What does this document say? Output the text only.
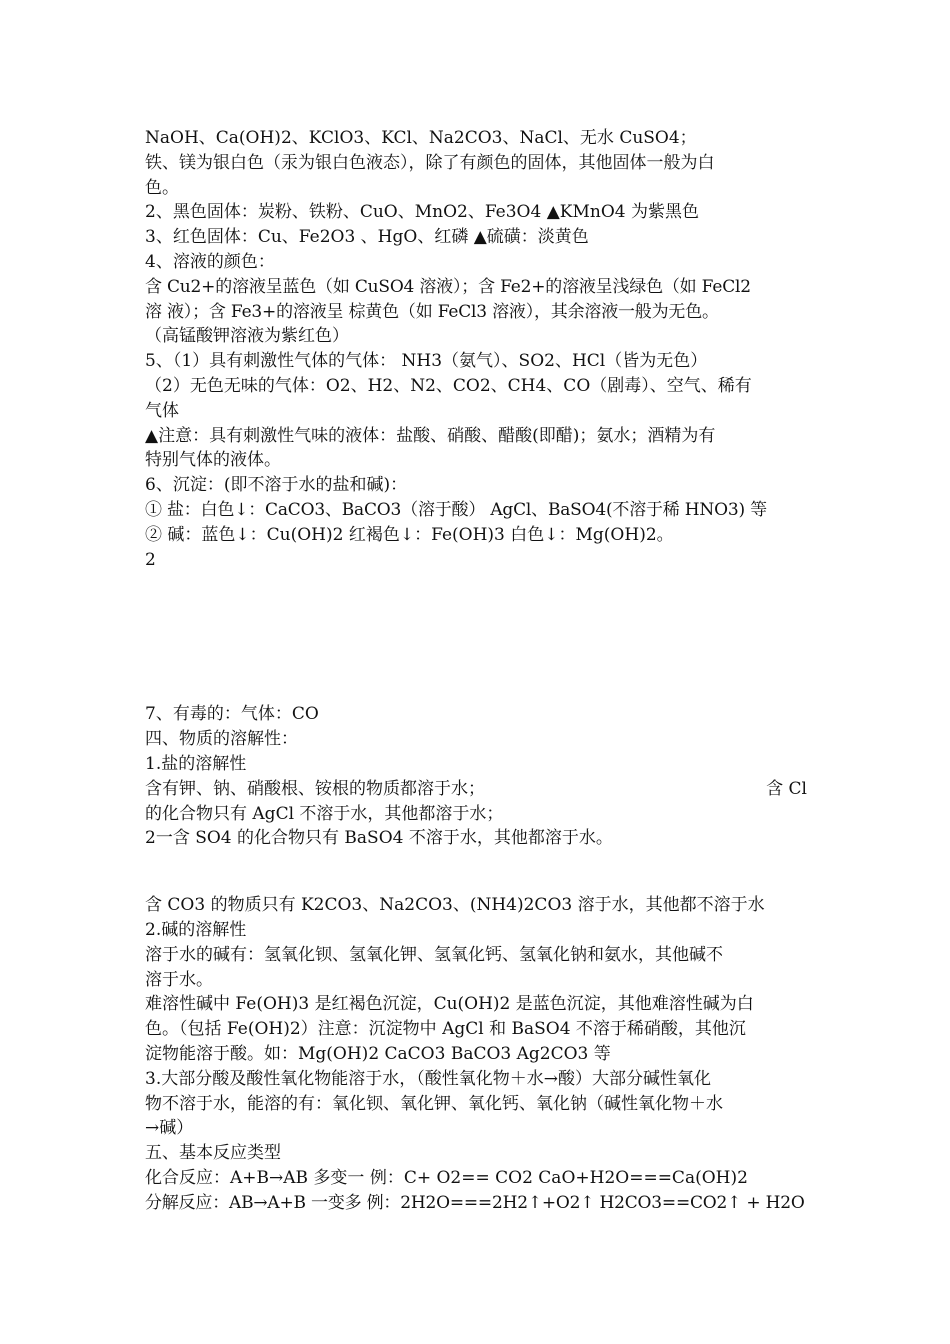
NaOH、Ca(OH)2、KClO3、KCl、Na2CO3、NaCl、无水 CuSO4；
铁、镁为银白色（汞为银白色液态），除了有颜色的固体，其他固体一般为白
色。
2、黑色固体：炭粉、铁粉、CuO、MnO2、Fe3O4 ▲KMnO4 为紫黑色
3、红色固体：Cu、Fe2O3 、HgO、红磷 ▲硫磺：淡黄色
4、溶液的颜色：
含 Cu2+的溶液呈蓝色（如 CuSO4 溶液）；含 Fe2+的溶液呈浅绿色（如 FeCl2
溶 液）；含 Fe3+的溶液呈 棕黄色（如 FeCl3 溶液），其余溶液一般为无色。
（高锰酸钾溶液为紫红色）
5、（1）具有刺激性气体的气体： NH3（氨气）、SO2、HCl（皆为无色）
（2）无色无味的气体：O2、H2、N2、CO2、CH4、CO（剧毒）、空气、稀有
气体
▲注意：具有刺激性气味的液体：盐酸、硝酸、醋酸(即醋)；氨水；酒精为有
特别气体的液体。
6、沉淀：(即不溶于水的盐和碱)：
① 盐：白色↓：CaCO3、BaCO3（溶于酸） AgCl、BaSO4(不溶于稀 HNO3) 等
② 碱：蓝色↓：Cu(OH)2 红褐色↓：Fe(OH)3 白色↓：Mg(OH)2。
2
7、有毒的：气体：CO
四、物质的溶解性：
1.盐的溶解性
含有钾、钠、硝酸根、铵根的物质都溶于水；	含 Cl
的化合物只有 AgCl 不溶于水，其他都溶于水；
2一含 SO4 的化合物只有 BaSO4 不溶于水，其他都溶于水。
含 CO3 的物质只有 K2CO3、Na2CO3、(NH4)2CO3 溶于水，其他都不溶于水
2.碱的溶解性
溶于水的碱有：氢氧化钡、氢氧化钾、氢氧化钙、氢氧化钠和氨水，其他碱不
溶于水。
难溶性碱中 Fe(OH)3 是红褐色沉淀，Cu(OH)2 是蓝色沉淀，其他难溶性碱为白
色。（包括 Fe(OH)2）注意：沉淀物中 AgCl 和 BaSO4 不溶于稀硝酸，其他沉
淀物能溶于酸。如：Mg(OH)2 CaCO3 BaCO3 Ag2CO3 等
3.大部分酸及酸性氧化物能溶于水，（酸性氧化物＋水→酸）大部分碱性氧化
物不溶于水，能溶的有：氧化钡、氧化钾、氧化钙、氧化钠（碱性氧化物＋水
→碱）
五、基本反应类型
化合反应：A+B→AB 多变一 例：C+ O2== CO2 CaO+H2O===Ca(OH)2
分解反应：AB→A+B 一变多 例：2H2O===2H2↑+O2↑ H2CO3==CO2↑ + H2O
